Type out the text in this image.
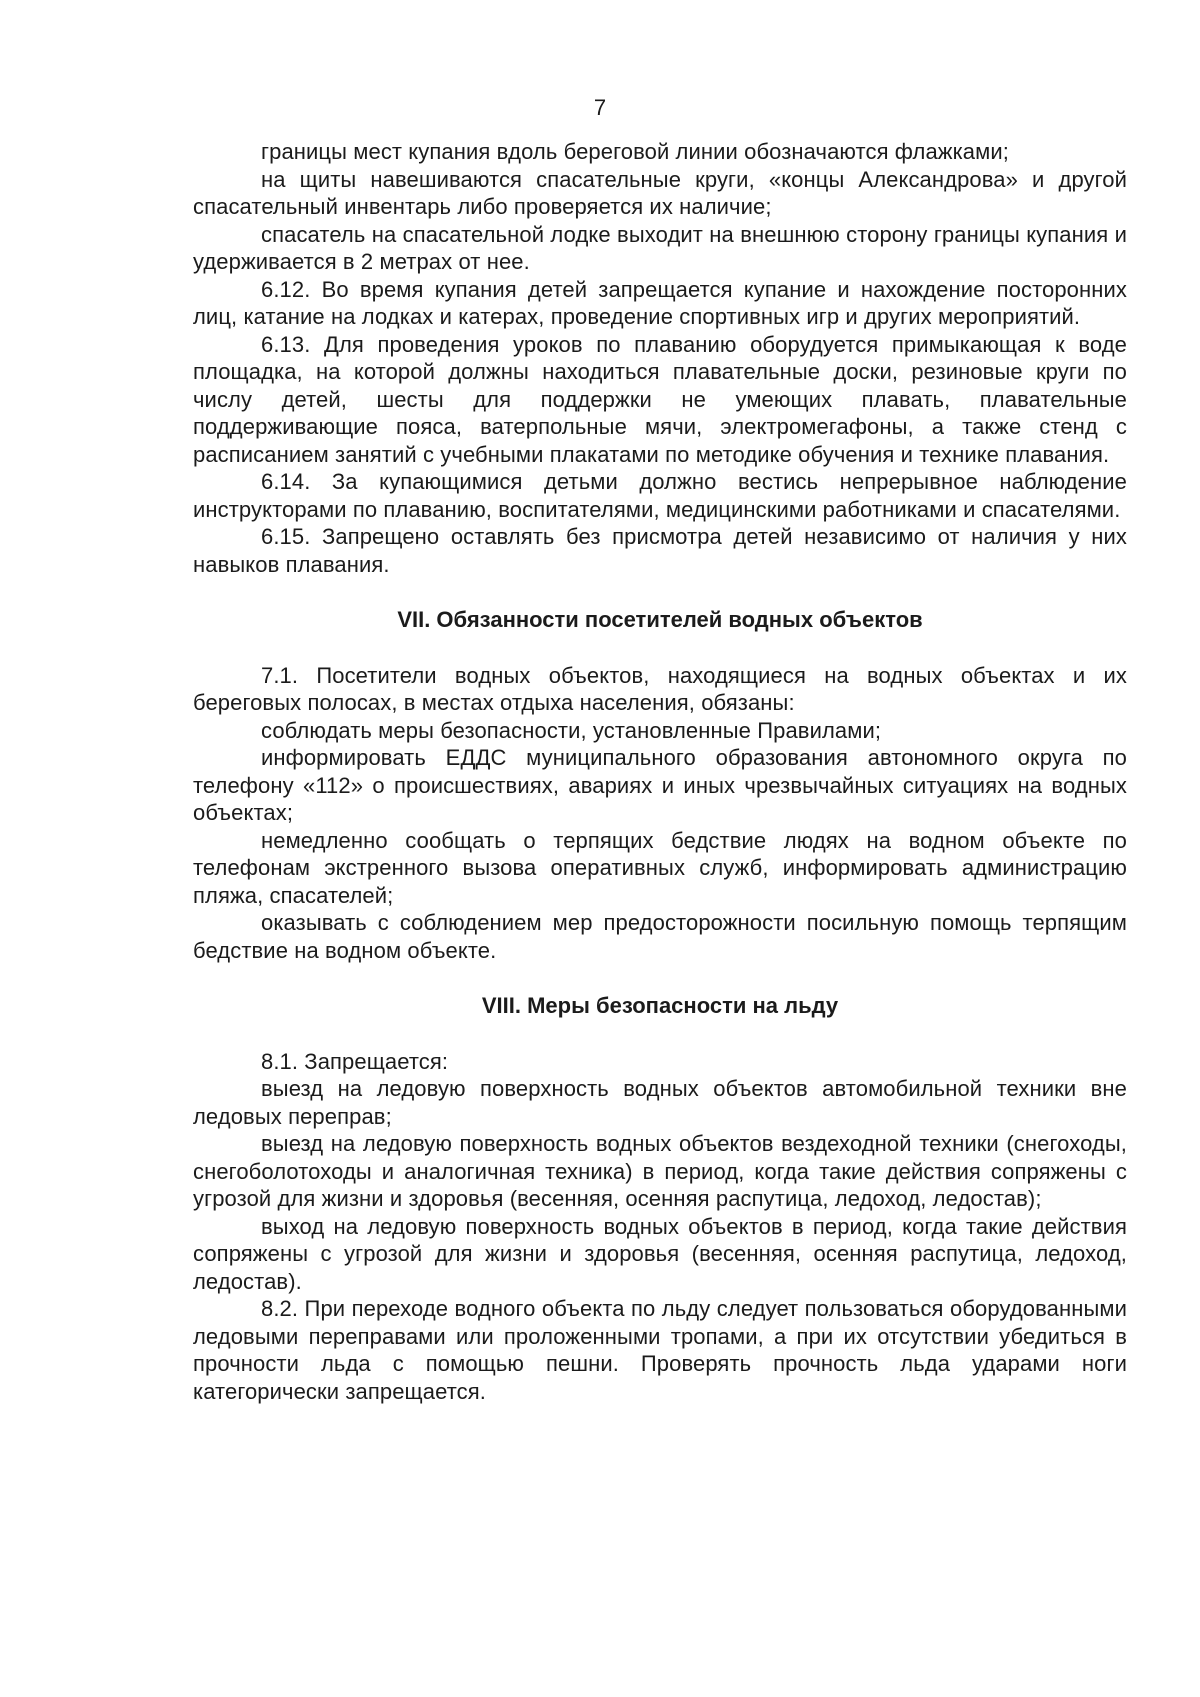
7

границы мест купания вдоль береговой линии обозначаются флажками;

на щиты навешиваются спасательные круги, «концы Александрова» и другой спасательный инвентарь либо проверяется их наличие;

спасатель на спасательной лодке выходит на внешнюю сторону границы купания и удерживается в 2 метрах от нее.

6.12. Во время купания детей запрещается купание и нахождение посторонних лиц, катание на лодках и катерах, проведение спортивных игр и других мероприятий.

6.13. Для проведения уроков по плаванию оборудуется примыкающая к воде площадка, на которой должны находиться плавательные доски, резиновые круги по числу детей, шесты для поддержки не умеющих плавать, плавательные поддерживающие пояса, ватерпольные мячи, электромегафоны, а также стенд с расписанием занятий с учебными плакатами по методике обучения и технике плавания.

6.14. За купающимися детьми должно вестись непрерывное наблюдение инструкторами по плаванию, воспитателями, медицинскими работниками и спасателями.

6.15. Запрещено оставлять без присмотра детей независимо от наличия у них навыков плавания.

VII. Обязанности посетителей водных объектов

7.1. Посетители водных объектов, находящиеся на водных объектах и их береговых полосах, в местах отдыха населения, обязаны:

соблюдать меры безопасности, установленные Правилами;

информировать ЕДДС муниципального образования автономного округа по телефону «112» о происшествиях, авариях и иных чрезвычайных ситуациях на водных объектах;

немедленно сообщать о терпящих бедствие людях на водном объекте по телефонам экстренного вызова оперативных служб, информировать администрацию пляжа, спасателей;

оказывать с соблюдением мер предосторожности посильную помощь терпящим бедствие на водном объекте.

VIII. Меры безопасности на льду

8.1. Запрещается:

выезд на ледовую поверхность водных объектов автомобильной техники вне ледовых переправ;

выезд на ледовую поверхность водных объектов вездеходной техники (снегоходы, снегоболотоходы и аналогичная техника) в период, когда такие действия сопряжены с угрозой для жизни и здоровья (весенняя, осенняя распутица, ледоход, ледостав);

выход на ледовую поверхность водных объектов в период, когда такие действия сопряжены с угрозой для жизни и здоровья (весенняя, осенняя распутица, ледоход, ледостав).

8.2. При переходе водного объекта по льду следует пользоваться оборудованными ледовыми переправами или проложенными тропами, а при их отсутствии убедиться в прочности льда с помощью пешни. Проверять прочность льда ударами ноги категорически запрещается.
